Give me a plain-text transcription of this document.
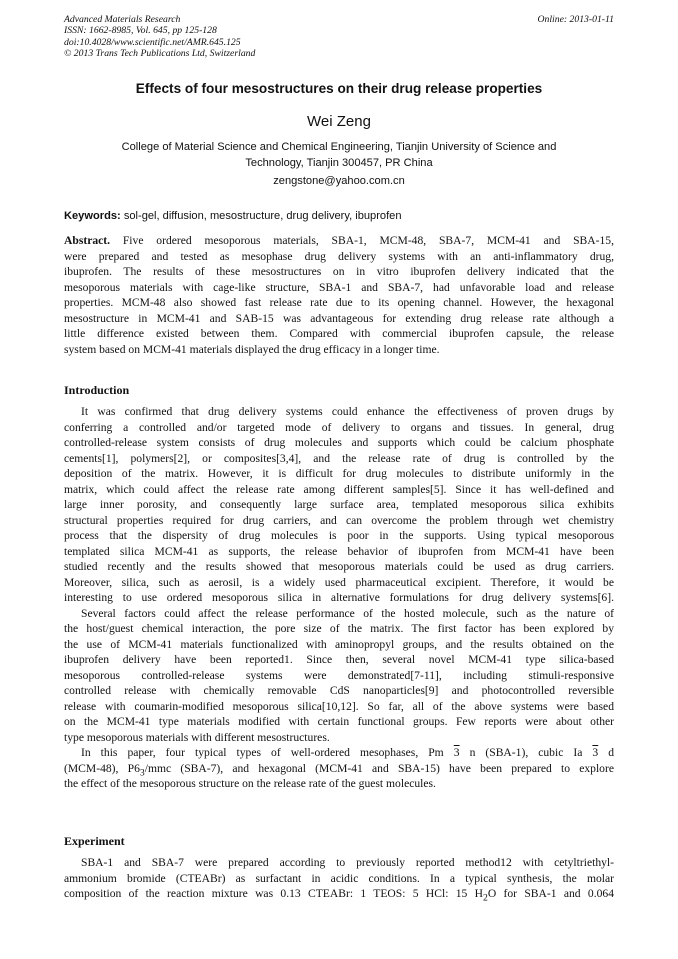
Advanced Materials Research
ISSN: 1662-8985, Vol. 645, pp 125-128
doi:10.4028/www.scientific.net/AMR.645.125
© 2013 Trans Tech Publications Ltd, Switzerland
Online: 2013-01-11
Effects of four mesostructures on their drug release properties
Wei Zeng
College of Material Science and Chemical Engineering, Tianjin University of Science and
Technology, Tianjin 300457, PR China
zengstone@yahoo.com.cn
Keywords: sol-gel, diffusion, mesostructure, drug delivery, ibuprofen
Abstract. Five ordered mesoporous materials, SBA-1, MCM-48, SBA-7, MCM-41 and SBA-15,
were prepared and tested as mesophase drug delivery systems with an anti-inflammatory drug,
ibuprofen. The results of these mesostructures on in vitro ibuprofen delivery indicated that the
mesoporous materials with cage-like structure, SBA-1 and SBA-7, had unfavorable load and release
properties. MCM-48 also showed fast release rate due to its opening channel. However, the hexagonal
mesostructure in MCM-41 and SAB-15 was advantageous for extending drug release rate although a
little difference existed between them. Compared with commercial ibuprofen capsule, the release
system based on MCM-41 materials displayed the drug efficacy in a longer time.
Introduction
It was confirmed that drug delivery systems could enhance the effectiveness of proven drugs by
conferring a controlled and/or targeted mode of delivery to organs and tissues. In general, drug
controlled-release system consists of drug molecules and supports which could be calcium phosphate
cements[1], polymers[2], or composites[3,4], and the release rate of drug is controlled by the
deposition of the matrix. However, it is difficult for drug molecules to distribute uniformly in the
matrix, which could affect the release rate among different samples[5]. Since it has well-defined and
large inner porosity, and consequently large surface area, templated mesoporous silica exhibits
structural properties required for drug carriers, and can overcome the problem through wet chemistry
process that the dispersity of drug molecules is poor in the supports. Using typical mesoporous
templated silica MCM-41 as supports, the release behavior of ibuprofen from MCM-41 have been
studied recently and the results showed that mesoporous materials could be used as drug carriers.
Moreover, silica, such as aerosil, is a widely used pharmaceutical excipient. Therefore, it would be
interesting to use ordered mesoporous silica in alternative formulations for drug delivery systems[6].
Several factors could affect the release performance of the hosted molecule, such as the nature of
the host/guest chemical interaction, the pore size of the matrix. The first factor has been explored by
the use of MCM-41 materials functionalized with aminopropyl groups, and the results obtained on the
ibuprofen delivery have been reported1. Since then, several novel MCM-41 type silica-based
mesoporous controlled-release systems were demonstrated[7-11], including stimuli-responsive
controlled release with chemically removable CdS nanoparticles[9] and photocontrolled reversible
release with coumarin-modified mesoporous silica[10,12]. So far, all of the above systems were based
on the MCM-41 type materials modified with certain functional groups. Few reports were about other
type mesoporous materials with different mesostructures.
In this paper, four typical types of well-ordered mesophases, Pm 3 n (SBA-1), cubic Ia 3 d
(MCM-48), $P6_3$/mmc (SBA-7), and hexagonal (MCM-41 and SBA-15) have been prepared to explore
the effect of the mesoporous structure on the release rate of the guest molecules.
Experiment
SBA-1 and SBA-7 were prepared according to previously reported method12 with cetyltriethyl-
ammonium bromide (CTEABr) as surfactant in acidic conditions. In a typical synthesis, the molar
composition of the reaction mixture was 0.13 CTEABr: 1 TEOS: 5 HCl: 15 $H_2O$ for SBA-1 and 0.064
